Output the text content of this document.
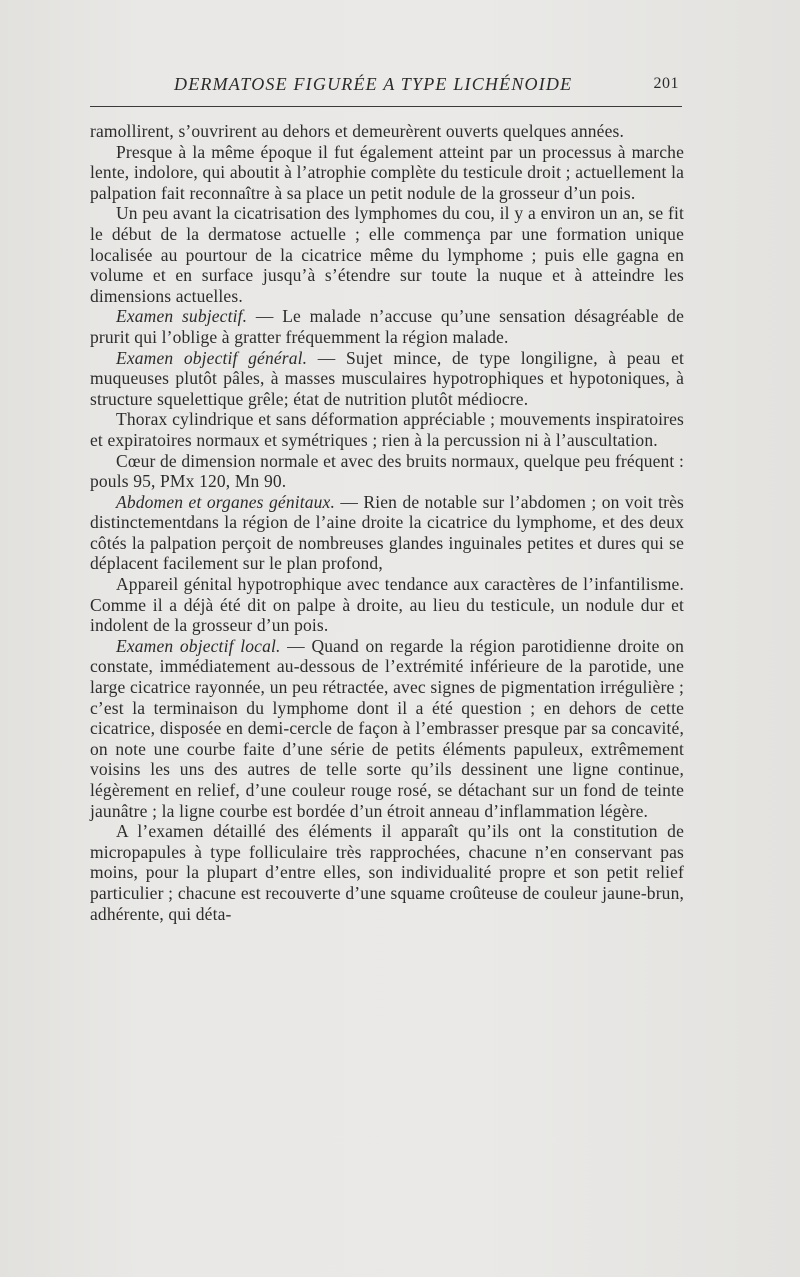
DERMATOSE FIGURÉE A TYPE LICHÉNOIDE	201

ramollirent, s’ouvrirent au dehors et demeurèrent ouverts quelques années.

Presque à la même époque il fut également atteint par un processus à marche lente, indolore, qui aboutit à l’atrophie complète du testicule droit ; actuellement la palpation fait reconnaître à sa place un petit nodule de la grosseur d’un pois.

Un peu avant la cicatrisation des lymphomes du cou, il y a environ un an, se fit le début de la dermatose actuelle ; elle commença par une formation unique localisée au pourtour de la cicatrice même du lymphome ; puis elle gagna en volume et en surface jusqu’à s’étendre sur toute la nuque et à atteindre les dimensions actuelles.

Examen subjectif. — Le malade n’accuse qu’une sensation désagréable de prurit qui l’oblige à gratter fréquemment la région malade.

Examen objectif général. — Sujet mince, de type longiligne, à peau et muqueuses plutôt pâles, à masses musculaires hypotrophiques et hypotoniques, à structure squelettique grêle; état de nutrition plutôt médiocre.

Thorax cylindrique et sans déformation appréciable ; mouvements inspiratoires et expiratoires normaux et symétriques ; rien à la percussion ni à l’auscultation.

Cœur de dimension normale et avec des bruits normaux, quelque peu fréquent : pouls 95, PMx 120, Mn 90.

Abdomen et organes génitaux. — Rien de notable sur l’abdomen ; on voit très distinctementdans la région de l’aine droite la cicatrice du lymphome, et des deux côtés la palpation perçoit de nombreuses glandes inguinales petites et dures qui se déplacent facilement sur le plan profond,

Appareil génital hypotrophique avec tendance aux caractères de l’infantilisme. Comme il a déjà été dit on palpe à droite, au lieu du testicule, un nodule dur et indolent de la grosseur d’un pois.

Examen objectif local. — Quand on regarde la région parotidienne droite on constate, immédiatement au-dessous de l’extrémité inférieure de la parotide, une large cicatrice rayonnée, un peu rétractée, avec signes de pigmentation irrégulière ; c’est la terminaison du lymphome dont il a été question ; en dehors de cette cicatrice, disposée en demi-cercle de façon à l’embrasser presque par sa concavité, on note une courbe faite d’une série de petits éléments papuleux, extrêmement voisins les uns des autres de telle sorte qu’ils dessinent une ligne continue, légèrement en relief, d’une couleur rouge rosé, se détachant sur un fond de teinte jaunâtre ; la ligne courbe est bordée d’un étroit anneau d’inflammation légère.

A l’examen détaillé des éléments il apparaît qu’ils ont la constitution de micropapules à type folliculaire très rapprochées, chacune n’en conservant pas moins, pour la plupart d’entre elles, son individualité propre et son petit relief particulier ; chacune est recouverte d’une squame croûteuse de couleur jaune-brun, adhérente, qui déta-
